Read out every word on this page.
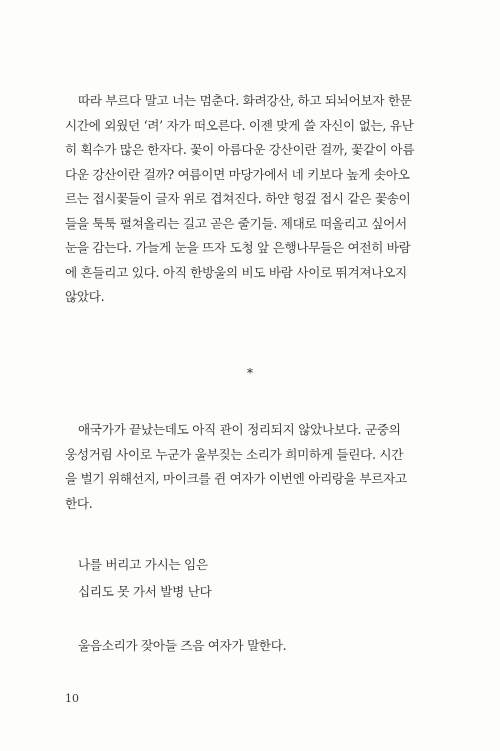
따라 부르다 말고 너는 멈춘다. 화려강산, 하고 되뇌어보자 한문
시간에 외웠던 ‘려’ 자가 떠오른다. 이젠 맞게 쓸 자신이 없는, 유난
히 획수가 많은 한자다. 꽃이 아름다운 강산이란 걸까, 꽃같이 아름
다운 강산이란 걸까? 여름이면 마당가에서 네 키보다 높게 솟아오
르는 접시꽃들이 글자 위로 겹쳐진다. 하얀 헝겊 접시 같은 꽃송이
들을 툭툭 펼쳐올리는 길고 곧은 줄기들. 제대로 떠올리고 싶어서
눈을 감는다. 가늘게 눈을 뜨자 도청 앞 은행나무들은 여전히 바람
에 흔들리고 있다. 아직 한방울의 비도 바람 사이로 뛰겨져나오지
않았다.
*
애국가가 끝났는데도 아직 관이 정리되지 않았나보다. 군중의
웅성거림 사이로 누군가 울부짖는 소리가 희미하게 들린다. 시간
을 벌기 위해선지, 마이크를 쥔 여자가 이번엔 아리랑을 부르자고
한다.
나를 버리고 가시는 임은
십리도 못 가서 발병 난다
울음소리가 잦아들 즈음 여자가 말한다.
10
